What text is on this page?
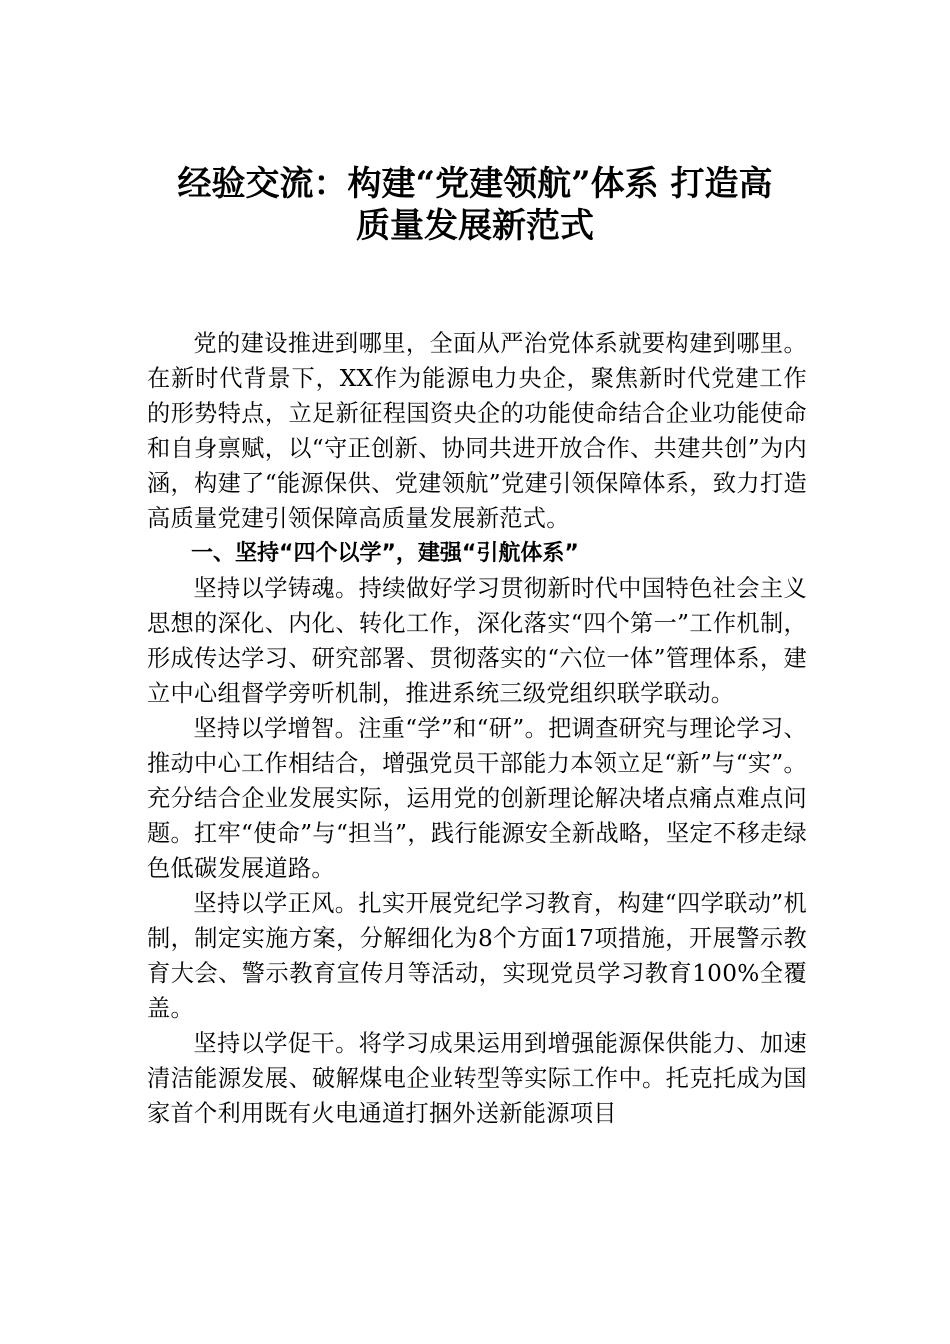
经验交流：构建“党建领航”体系 打造高
质量发展新范式

党的建设推进到哪里，全面从严治党体系就要构建到哪里。在新时代背景下，XX作为能源电力央企，聚焦新时代党建工作的形势特点，立足新征程国资央企的功能使命结合企业功能使命和自身禀赋，以“守正创新、协同共进开放合作、共建共创”为内涵，构建了“能源保供、党建领航”党建引领保障体系，致力打造高质量党建引领保障高质量发展新范式。

一、坚持“四个以学”，建强“引航体系”

坚持以学铸魂。持续做好学习贯彻新时代中国特色社会主义思想的深化、内化、转化工作，深化落实“四个第一”工作机制，形成传达学习、研究部署、贯彻落实的“六位一体”管理体系，建立中心组督学旁听机制，推进系统三级党组织联学联动。

坚持以学增智。注重“学”和“研”。把调查研究与理论学习、推动中心工作相结合，增强党员干部能力本领立足“新”与“实”。充分结合企业发展实际，运用党的创新理论解决堵点痛点难点问题。扛牢“使命”与“担当”，践行能源安全新战略，坚定不移走绿色低碳发展道路。

坚持以学正风。扎实开展党纪学习教育，构建“四学联动”机制，制定实施方案，分解细化为8个方面17项措施，开展警示教育大会、警示教育宣传月等活动，实现党员学习教育100%全覆盖。

坚持以学促干。将学习成果运用到增强能源保供能力、加速清洁能源发展、破解煤电企业转型等实际工作中。托克托成为国家首个利用既有火电通道打捆外送新能源项目
